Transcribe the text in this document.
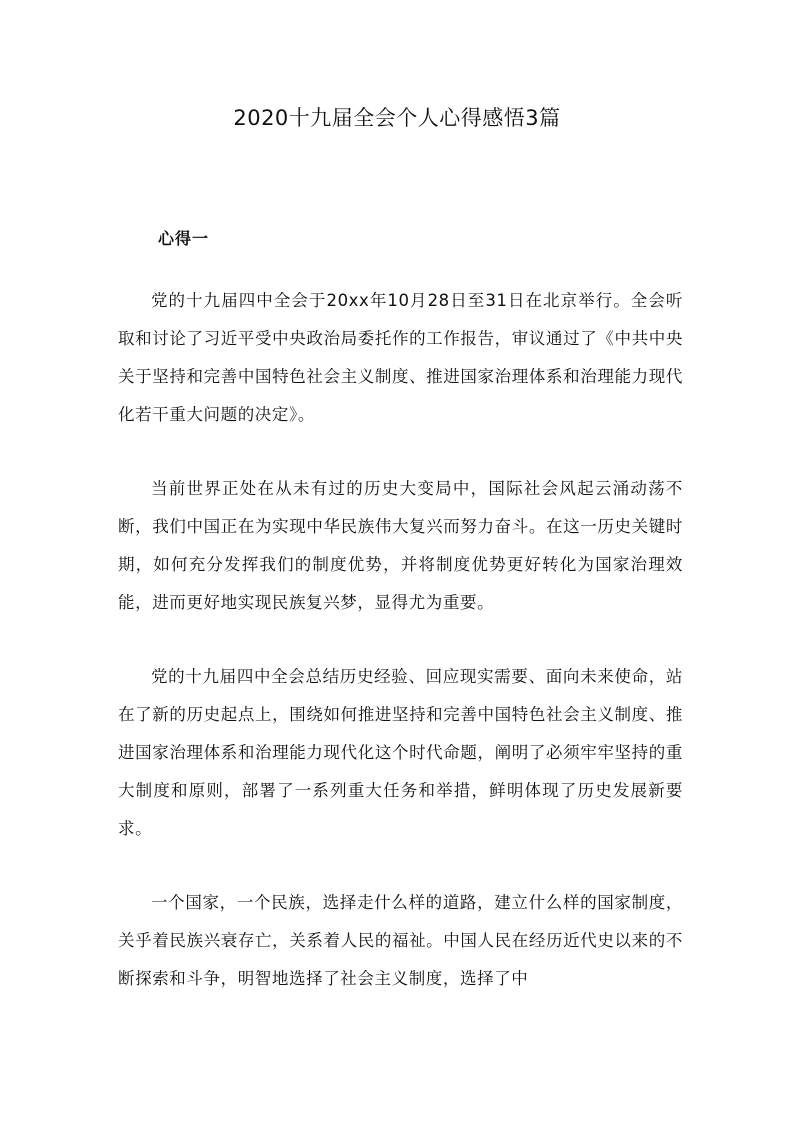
2020十九届全会个人心得感悟3篇
心得一

党的十九届四中全会于20xx年10月28日至31日在北京举行。全会听取和讨论了习近平受中央政治局委托作的工作报告，审议通过了《中共中央关于坚持和完善中国特色社会主义制度、推进国家治理体系和治理能力现代化若干重大问题的决定》。

当前世界正处在从未有过的历史大变局中，国际社会风起云涌动荡不断，我们中国正在为实现中华民族伟大复兴而努力奋斗。在这一历史关键时期，如何充分发挥我们的制度优势，并将制度优势更好转化为国家治理效能，进而更好地实现民族复兴梦，显得尤为重要。

党的十九届四中全会总结历史经验、回应现实需要、面向未来使命，站在了新的历史起点上，围绕如何推进坚持和完善中国特色社会主义制度、推进国家治理体系和治理能力现代化这个时代命题，阐明了必须牢牢坚持的重大制度和原则，部署了一系列重大任务和举措，鲜明体现了历史发展新要求。

一个国家，一个民族，选择走什么样的道路，建立什么样的国家制度，关乎着民族兴衰存亡，关系着人民的福祉。中国人民在经历近代史以来的不断探索和斗争，明智地选择了社会主义制度，选择了中
